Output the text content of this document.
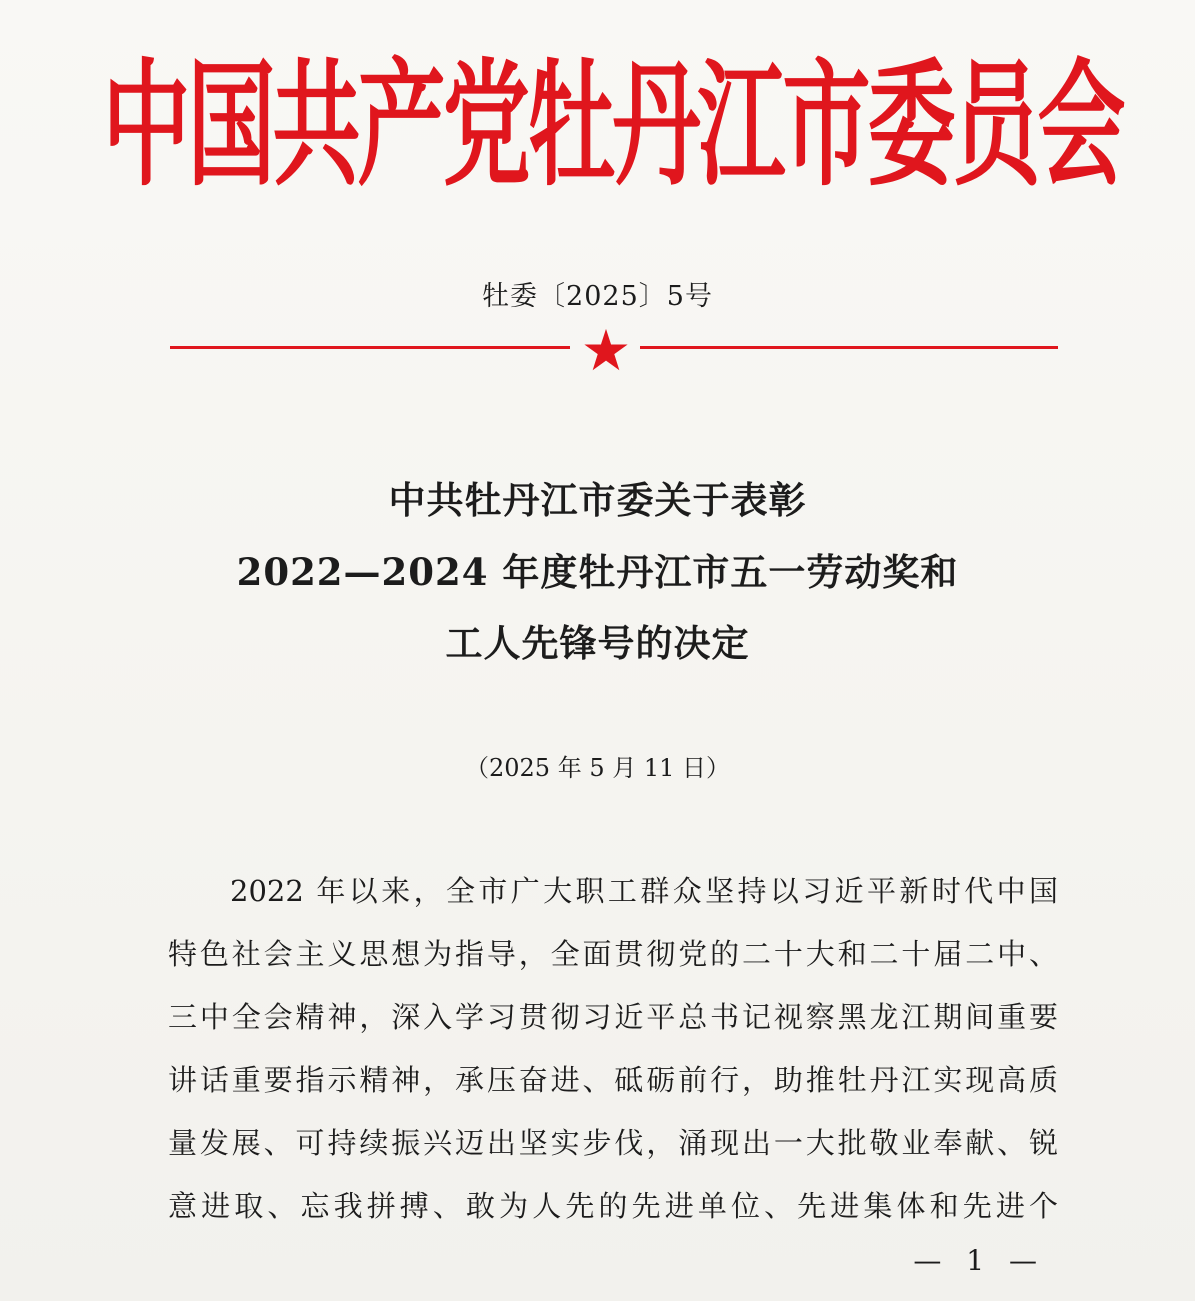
中国共产党牡丹江市委员会
牡委〔2025〕5号
中共牡丹江市委关于表彰
2022—2024 年度牡丹江市五一劳动奖和
工人先锋号的决定
（2025 年 5 月 11 日）
2022 年以来，全市广大职工群众坚持以习近平新时代中国
特色社会主义思想为指导，全面贯彻党的二十大和二十届二中、
三中全会精神，深入学习贯彻习近平总书记视察黑龙江期间重要
讲话重要指示精神，承压奋进、砥砺前行，助推牡丹江实现高质
量发展、可持续振兴迈出坚实步伐，涌现出一大批敬业奉献、锐
意进取、忘我拼搏、敢为人先的先进单位、先进集体和先进个
— 1 —
